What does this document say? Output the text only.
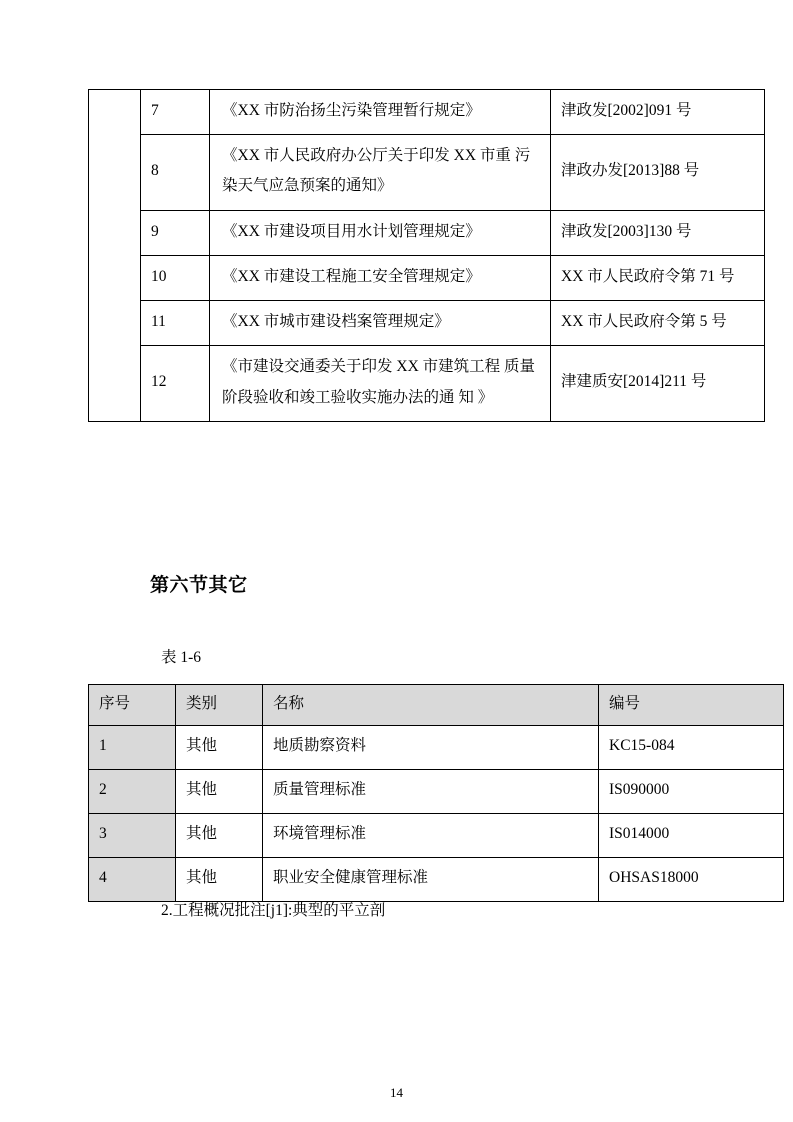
	7	《XX 市防治扬尘污染管理暂行规定》	津政发[2002]091 号
	8	《XX 市人民政府办公厅关于印发 XX 市重 污染天气应急预案的通知》	津政办发[2013]88 号
	9	《XX 市建设项目用水计划管理规定》	津政发[2003]130 号
	10	《XX 市建设工程施工安全管理规定》	XX 市人民政府令第 71 号
	11	《XX 市城市建设档案管理规定》	XX 市人民政府令第 5 号
	12	《市建设交通委关于印发 XX 市建筑工程 质量阶段验收和竣工验收实施办法的通 知 》	津建质安[2014]211 号
第六节其它
表 1-6
序号	类别	名称	编号
1	其他	地质勘察资料	KC15-084
2	其他	质量管理标准	IS090000
3	其他	环境管理标准	IS014000
4	其他	职业安全健康管理标准	OHSAS18000
2.工程概况批注[j1]:典型的平立剖
14
